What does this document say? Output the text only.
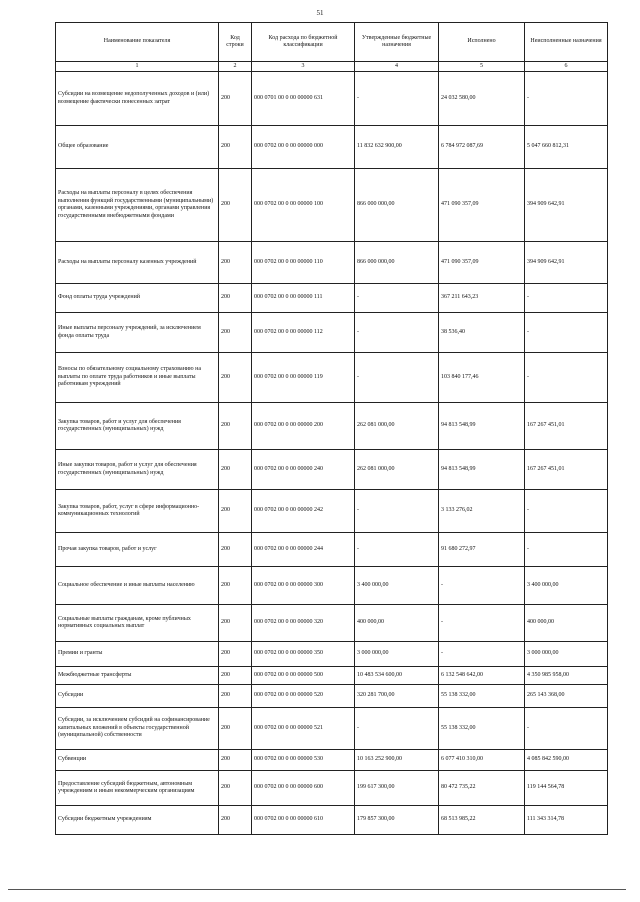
51
Наименование показателя	Код строки	Код расхода по бюджетной классификации	Утвержденные бюджетные назначения	Исполнено	Неисполненные назначения
1	2	3	4	5	6
Субсидии на возмещение недополученных доходов и (или) возмещение фактически понесенных затрат	200	000 0701 00 0 00 00000 631	-	24 032 580,00	-
Общее образование	200	000 0702 00 0 00 00000 000	11 832 632 900,00	6 784 972 087,69	5 047 660 812,31
Расходы на выплаты персоналу в целях обеспечения выполнения функций государственными (муниципальными) органами, казенными учреждениями, органами управления государственными внебюджетными фондами	200	000 0702 00 0 00 00000 100	866 000 000,00	471 090 357,09	394 909 642,91
Расходы на выплаты персоналу казенных учреждений	200	000 0702 00 0 00 00000 110	866 000 000,00	471 090 357,09	394 909 642,91
Фонд оплаты труда учреждений	200	000 0702 00 0 00 00000 111	-	367 211 643,23	-
Иные выплаты персоналу учреждений, за исключением фонда оплаты труда	200	000 0702 00 0 00 00000 112	-	38 536,40	-
Взносы по обязательному социальному страхованию на выплаты по оплате труда работников и иные выплаты работникам учреждений	200	000 0702 00 0 00 00000 119	-	103 840 177,46	-
Закупка товаров, работ и услуг для обеспечения государственных (муниципальных) нужд	200	000 0702 00 0 00 00000 200	262 081 000,00	94 813 548,99	167 267 451,01
Иные закупки товаров, работ и услуг для обеспечения государственных (муниципальных) нужд	200	000 0702 00 0 00 00000 240	262 081 000,00	94 813 548,99	167 267 451,01
Закупка товаров, работ, услуг в сфере информационно-коммуникационных технологий	200	000 0702 00 0 00 00000 242	-	3 133 276,02	-
Прочая закупка товаров, работ и услуг	200	000 0702 00 0 00 00000 244	-	91 680 272,97	-
Социальное обеспечение и иные выплаты населению	200	000 0702 00 0 00 00000 300	3 400 000,00	-	3 400 000,00
Социальные выплаты гражданам, кроме публичных нормативных социальных выплат	200	000 0702 00 0 00 00000 320	400 000,00	-	400 000,00
Премии и гранты	200	000 0702 00 0 00 00000 350	3 000 000,00	-	3 000 000,00
Межбюджетные трансферты	200	000 0702 00 0 00 00000 500	10 483 534 600,00	6 132 548 642,00	4 350 985 958,00
Субсидии	200	000 0702 00 0 00 00000 520	320 281 700,00	55 138 332,00	265 143 368,00
Субсидии, за исключением субсидий на софинансирование капитальных вложений в объекты государственной (муниципальной) собственности	200	000 0702 00 0 00 00000 521	-	55 138 332,00	-
Субвенции	200	000 0702 00 0 00 00000 530	10 163 252 900,00	6 077 410 310,00	4 085 842 590,00
Предоставление субсидий бюджетным, автономным учреждениям и иным некоммерческим организациям	200	000 0702 00 0 00 00000 600	199 617 300,00	80 472 735,22	119 144 564,78
Субсидии бюджетным учреждениям	200	000 0702 00 0 00 00000 610	179 857 300,00	68 513 985,22	111 343 314,78
